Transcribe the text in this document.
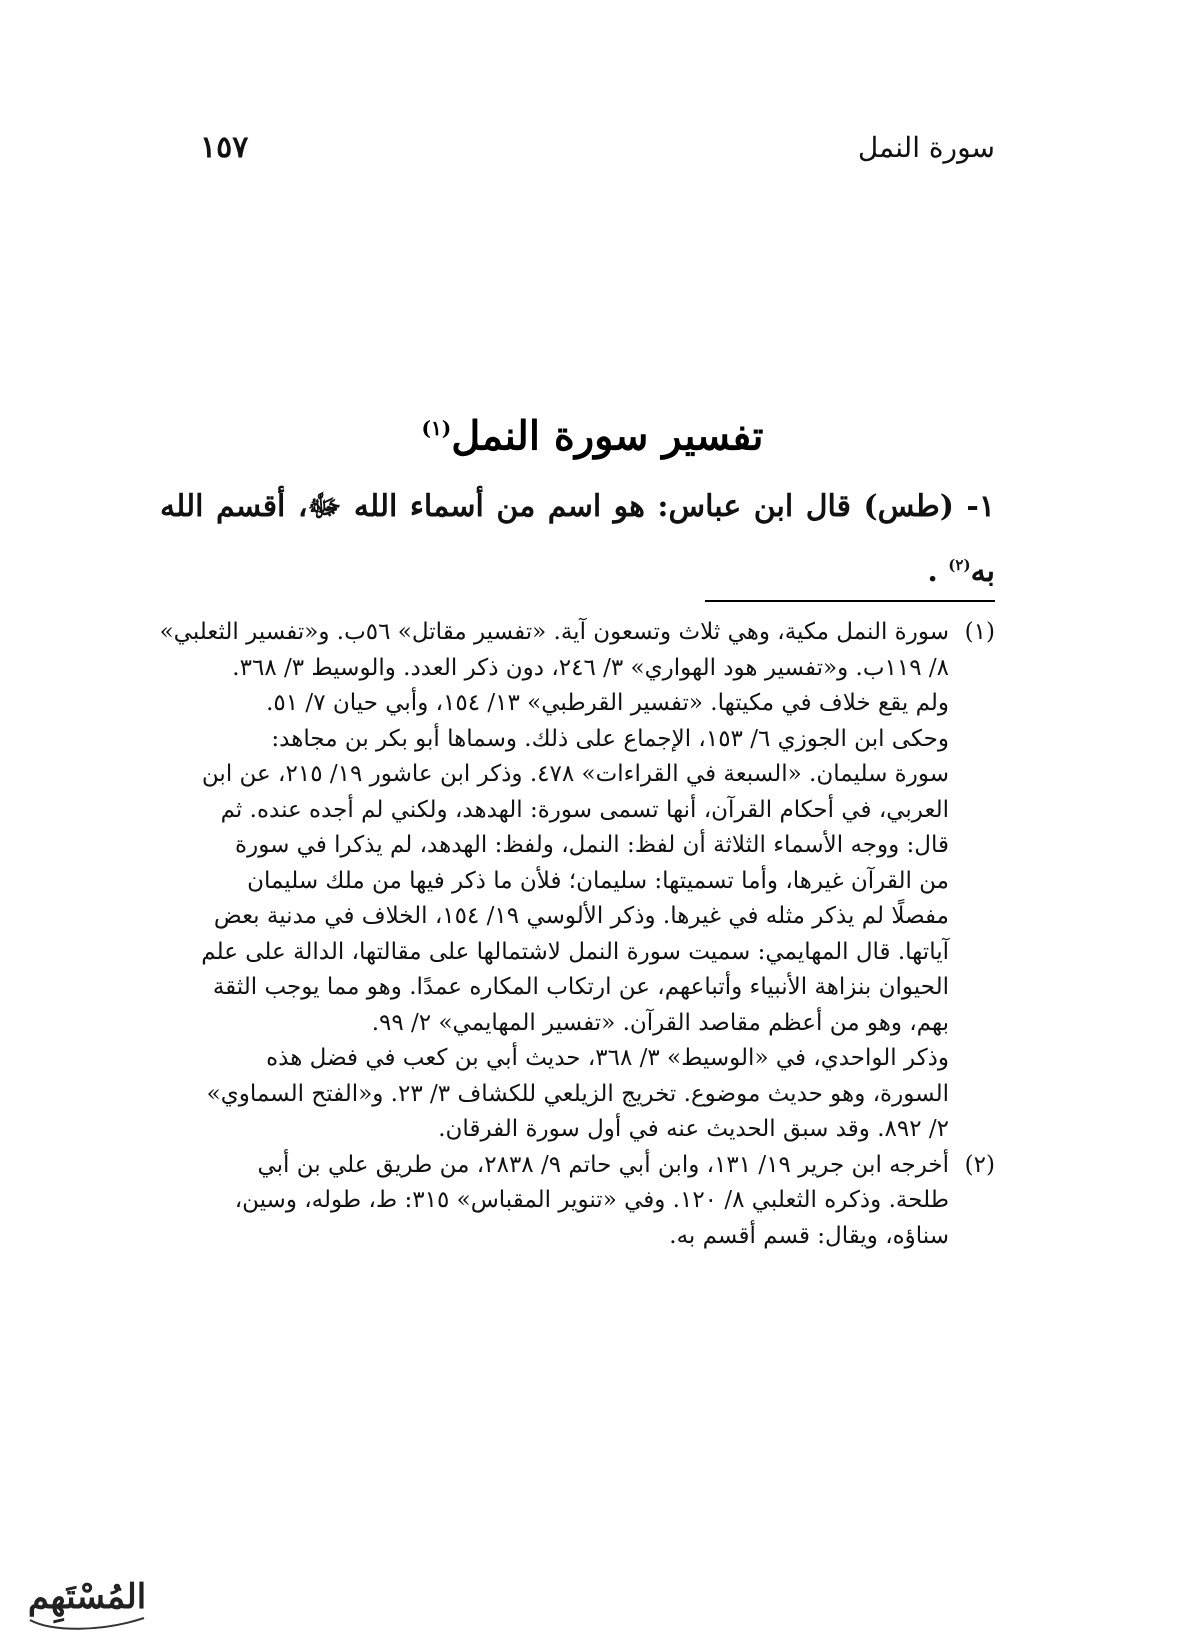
سورة النمل
١٥٧
تفسير سورة النمل$^{(١)}$
١- (طس) قال ابن عباس: هو اسم من أسماء الله ﷻ، أقسم الله به$^{(٢)}$ .
(١)
سورة النمل مكية، وهي ثلاث وتسعون آية. «تفسير مقاتل» ٥٦ب. و«تفسير الثعلبي»
٨/ ١١٩ب. و«تفسير هود الهواري» ٣/ ٢٤٦، دون ذكر العدد. والوسيط ٣/ ٣٦٨.
ولم يقع خلاف في مكيتها. «تفسير القرطبي» ١٣/ ١٥٤، وأبي حيان ٧/ ٥١.
وحكى ابن الجوزي ٦/ ١٥٣، الإجماع على ذلك. وسماها أبو بكر بن مجاهد:
سورة سليمان. «السبعة في القراءات» ٤٧٨. وذكر ابن عاشور ١٩/ ٢١٥، عن ابن
العربي، في أحكام القرآن، أنها تسمى سورة: الهدهد، ولكني لم أجده عنده. ثم
قال: ووجه الأسماء الثلاثة أن لفظ: النمل، ولفظ: الهدهد، لم يذكرا في سورة
من القرآن غيرها، وأما تسميتها: سليمان؛ فلأن ما ذكر فيها من ملك سليمان
مفصلًا لم يذكر مثله في غيرها. وذكر الألوسي ١٩/ ١٥٤، الخلاف في مدنية بعض
آياتها. قال المهايمي: سميت سورة النمل لاشتمالها على مقالتها، الدالة على علم
الحيوان بنزاهة الأنبياء وأتباعهم، عن ارتكاب المكاره عمدًا. وهو مما يوجب الثقة
بهم، وهو من أعظم مقاصد القرآن. «تفسير المهايمي» ٢/ ٩٩.
وذكر الواحدي، في «الوسيط» ٣/ ٣٦٨، حديث أبي بن كعب في فضل هذه
السورة، وهو حديث موضوع. تخريج الزيلعي للكشاف ٣/ ٢٣. و«الفتح السماوي»
٢/ ٨٩٢. وقد سبق الحديث عنه في أول سورة الفرقان.
(٢)
أخرجه ابن جرير ١٩/ ١٣١، وابن أبي حاتم ٩/ ٢٨٣٨، من طريق علي بن أبي
طلحة. وذكره الثعلبي ٨/ ١٢٠. وفي «تنوير المقباس» ٣١٥: ط، طوله، وسين،
سناؤه، ويقال: قسم أقسم به.
المُسْتَهِم
